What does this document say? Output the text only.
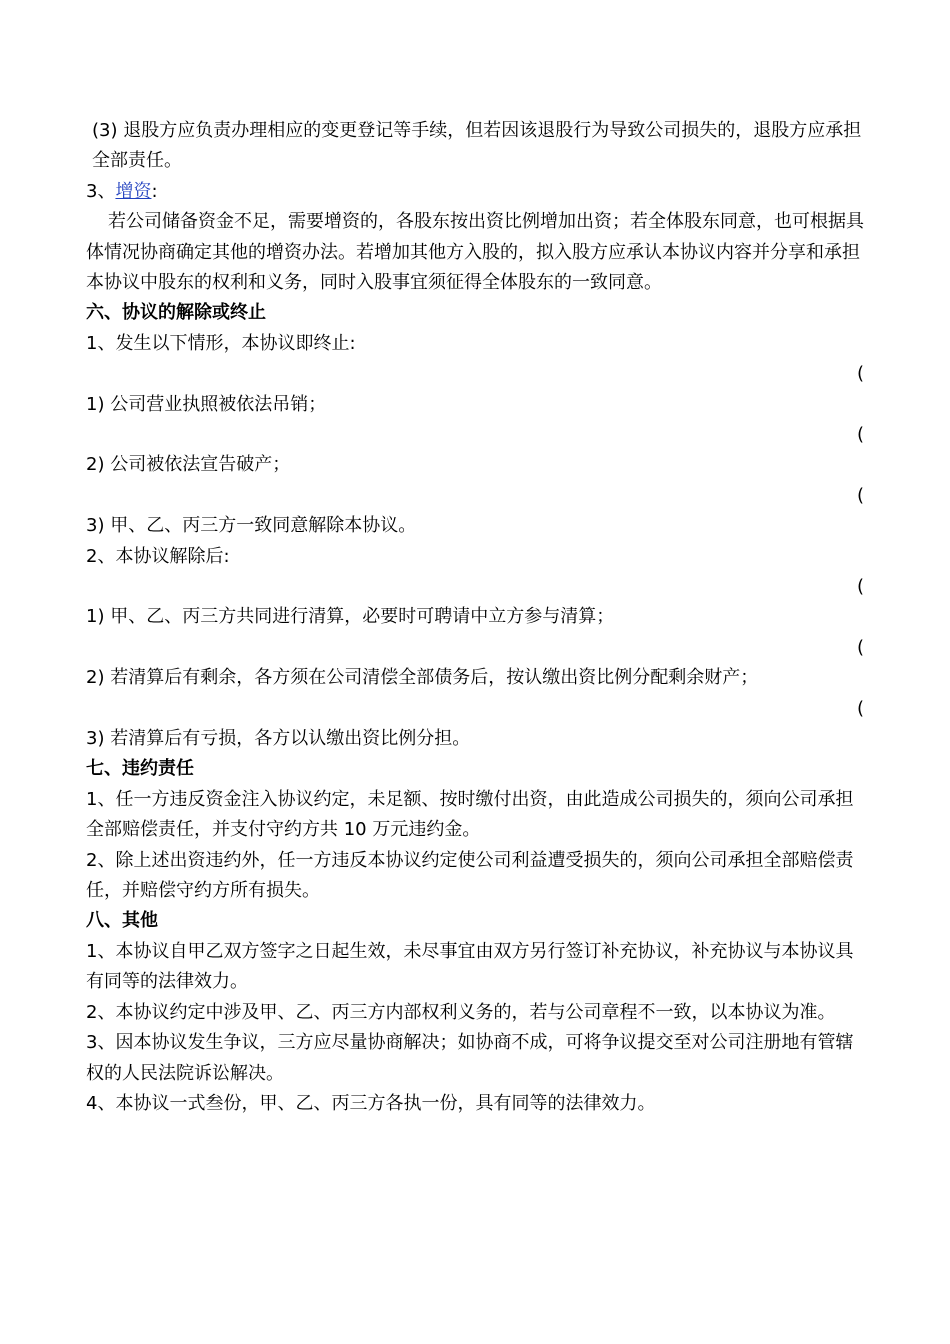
(3) 退股方应负责办理相应的变更登记等手续，但若因该退股行为导致公司损失的，退股方应承担全部责任。
3、增资:
若公司储备资金不足，需要增资的，各股东按出资比例增加出资；若全体股东同意，也可根据具体情况协商确定其他的增资办法。若增加其他方入股的，拟入股方应承认本协议内容并分享和承担本协议中股东的权利和义务，同时入股事宜须征得全体股东的一致同意。
六、协议的解除或终止
1、发生以下情形，本协议即终止:
(
1) 公司营业执照被依法吊销；
(
2) 公司被依法宣告破产；
(
3) 甲、乙、丙三方一致同意解除本协议。
2、本协议解除后:
(
1) 甲、乙、丙三方共同进行清算，必要时可聘请中立方参与清算；
(
2) 若清算后有剩余，各方须在公司清偿全部债务后，按认缴出资比例分配剩余财产；
(
3) 若清算后有亏损，各方以认缴出资比例分担。
七、违约责任
1、任一方违反资金注入协议约定，未足额、按时缴付出资，由此造成公司损失的，须向公司承担全部赔偿责任，并支付守约方共 10 万元违约金。
2、除上述出资违约外，任一方违反本协议约定使公司利益遭受损失的，须向公司承担全部赔偿责任，并赔偿守约方所有损失。
八、其他
1、本协议自甲乙双方签字之日起生效，未尽事宜由双方另行签订补充协议，补充协议与本协议具有同等的法律效力。
2、本协议约定中涉及甲、乙、丙三方内部权利义务的，若与公司章程不一致，以本协议为准。
3、因本协议发生争议，三方应尽量协商解决；如协商不成，可将争议提交至对公司注册地有管辖权的人民法院诉讼解决。
4、本协议一式叁份，甲、乙、丙三方各执一份，具有同等的法律效力。
